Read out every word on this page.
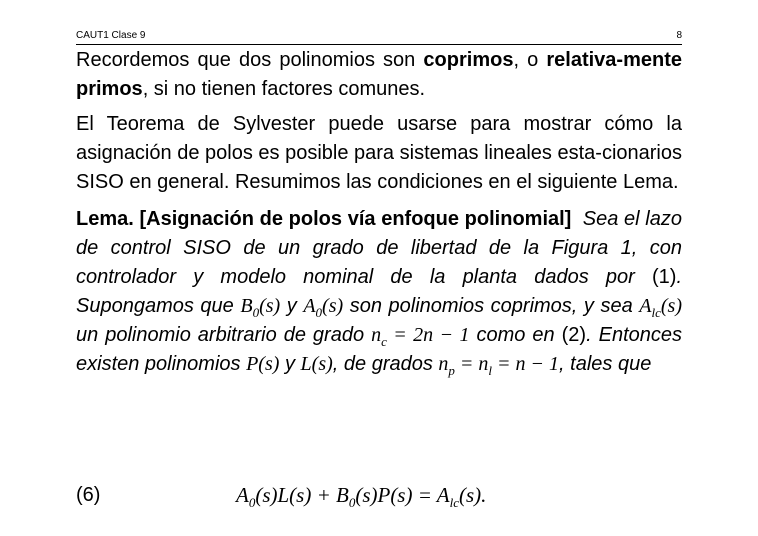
CAUT1 Clase 9	8

Recordemos que dos polinomios son coprimos, o relativa-mente primos, si no tienen factores comunes.

El Teorema de Sylvester puede usarse para mostrar cómo la asignación de polos es posible para sistemas lineales esta-cionarios SISO en general. Resumimos las condiciones en el siguiente Lema.

Lema. [Asignación de polos vía enfoque polinomial] Sea el lazo de control SISO de un grado de libertad de la Figura 1, con controlador y modelo nominal de la planta dados por (1). Supongamos que $B_0(s)$ y $A_0(s)$ son polinomios coprimos, y sea $A_{lc}(s)$ un polinomio arbitrario de grado $n_c = 2n - 1$ como en (2). Entonces existen polinomios P(s) y L(s), de grados $n_p = n_l = n - 1$, tales que

(6)	$A_0(s)L(s) + B_0(s)P(s) = A_{lc}(s)$.
